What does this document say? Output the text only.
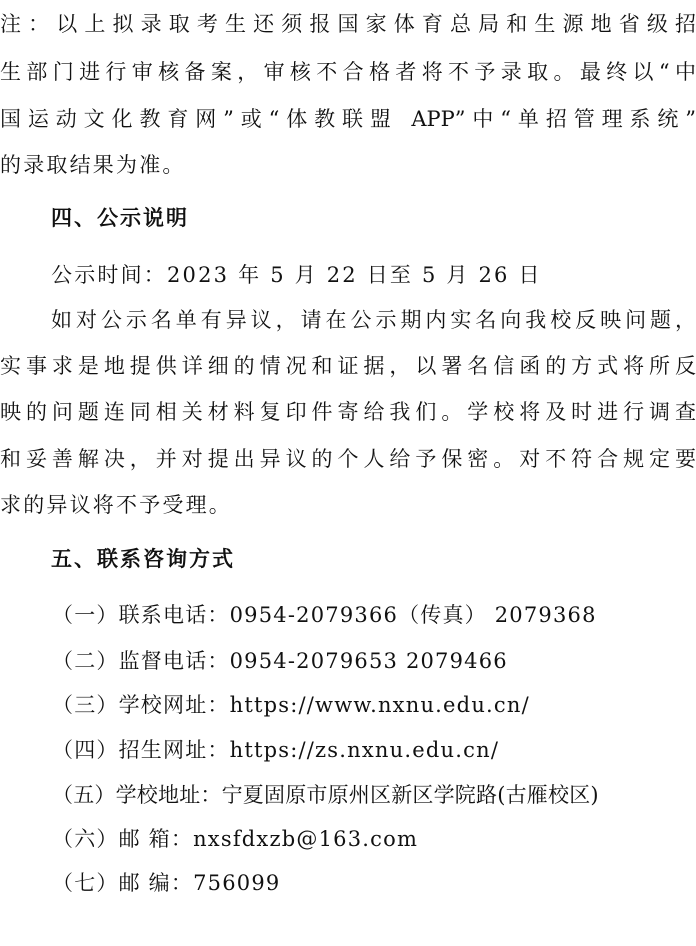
注：以上拟录取考生还须报国家体育总局和生源地省级招
生部门进行审核备案，审核不合格者将不予录取。最终以“中
国运动文化教育网”或“体教联盟 APP”中“单招管理系统”
的录取结果为准。
四、公示说明
公示时间：2023 年 5 月 22 日至 5 月 26 日
如对公示名单有异议，请在公示期内实名向我校反映问题，
实事求是地提供详细的情况和证据，以署名信函的方式将所反
映的问题连同相关材料复印件寄给我们。学校将及时进行调查
和妥善解决，并对提出异议的个人给予保密。对不符合规定要
求的异议将不予受理。
五、联系咨询方式
（一）联系电话：0954-2079366（传真） 2079368
（二）监督电话：0954-2079653 2079466
（三）学校网址：https://www.nxnu.edu.cn/
（四）招生网址：https://zs.nxnu.edu.cn/
（五）学校地址：宁夏固原市原州区新区学院路(古雁校区)
（六）邮 箱：nxsfdxzb@163.com
（七）邮 编：756099
